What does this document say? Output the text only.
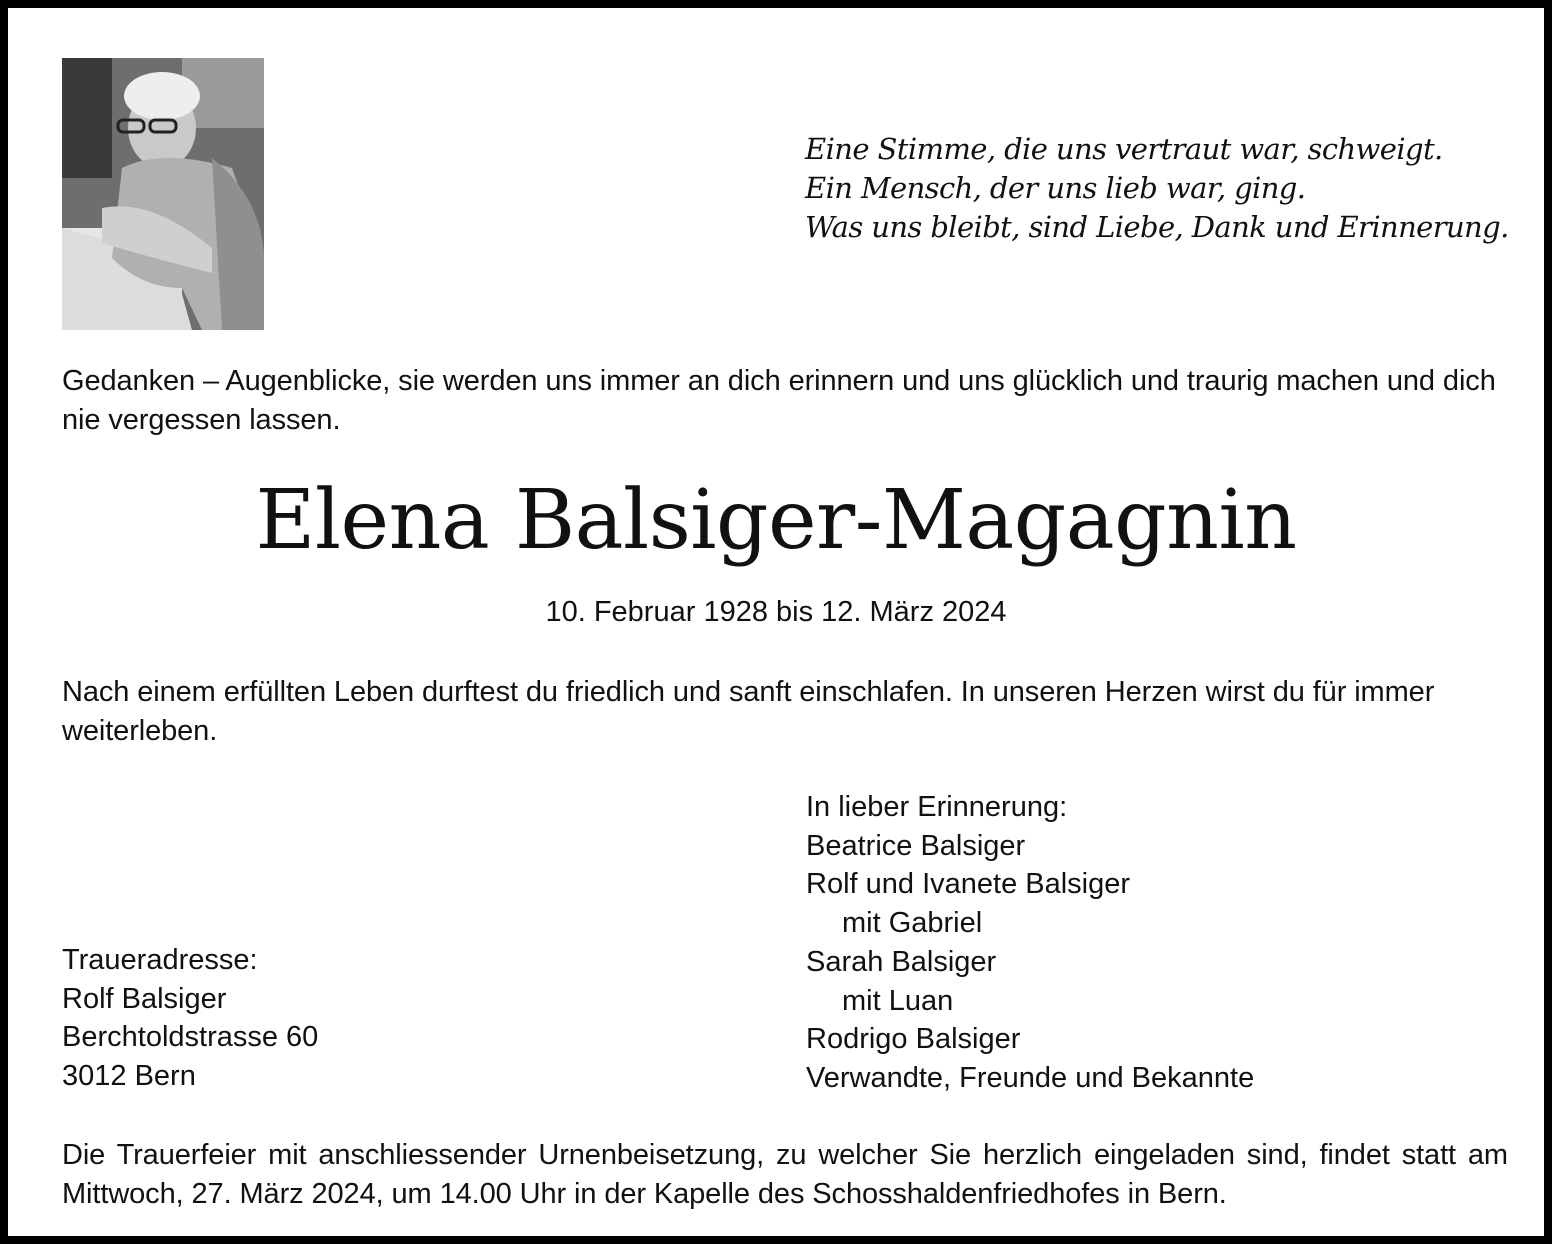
Eine Stimme, die uns vertraut war, schweigt.
Ein Mensch, der uns lieb war, ging.
Was uns bleibt, sind Liebe, Dank und Erinnerung.
Gedanken – Augenblicke, sie werden uns immer an dich erinnern und uns glücklich und traurig machen und dich nie vergessen lassen.
Elena Balsiger-Magagnin
10. Februar 1928 bis 12. März 2024
Nach einem erfüllten Leben durftest du friedlich und sanft einschlafen. In unseren Herzen wirst du für immer weiterleben.
In lieber Erinnerung:
Beatrice Balsiger
Rolf und Ivanete Balsiger
mit Gabriel
Sarah Balsiger
mit Luan
Rodrigo Balsiger
Verwandte, Freunde und Bekannte
Traueradresse:
Rolf Balsiger
Berchtoldstrasse 60
3012 Bern
Die Trauerfeier mit anschliessender Urnenbeisetzung, zu welcher Sie herzlich eingeladen sind, findet statt am Mittwoch, 27. März 2024, um 14.00 Uhr in der Kapelle des Schosshaldenfriedhofes in Bern.
